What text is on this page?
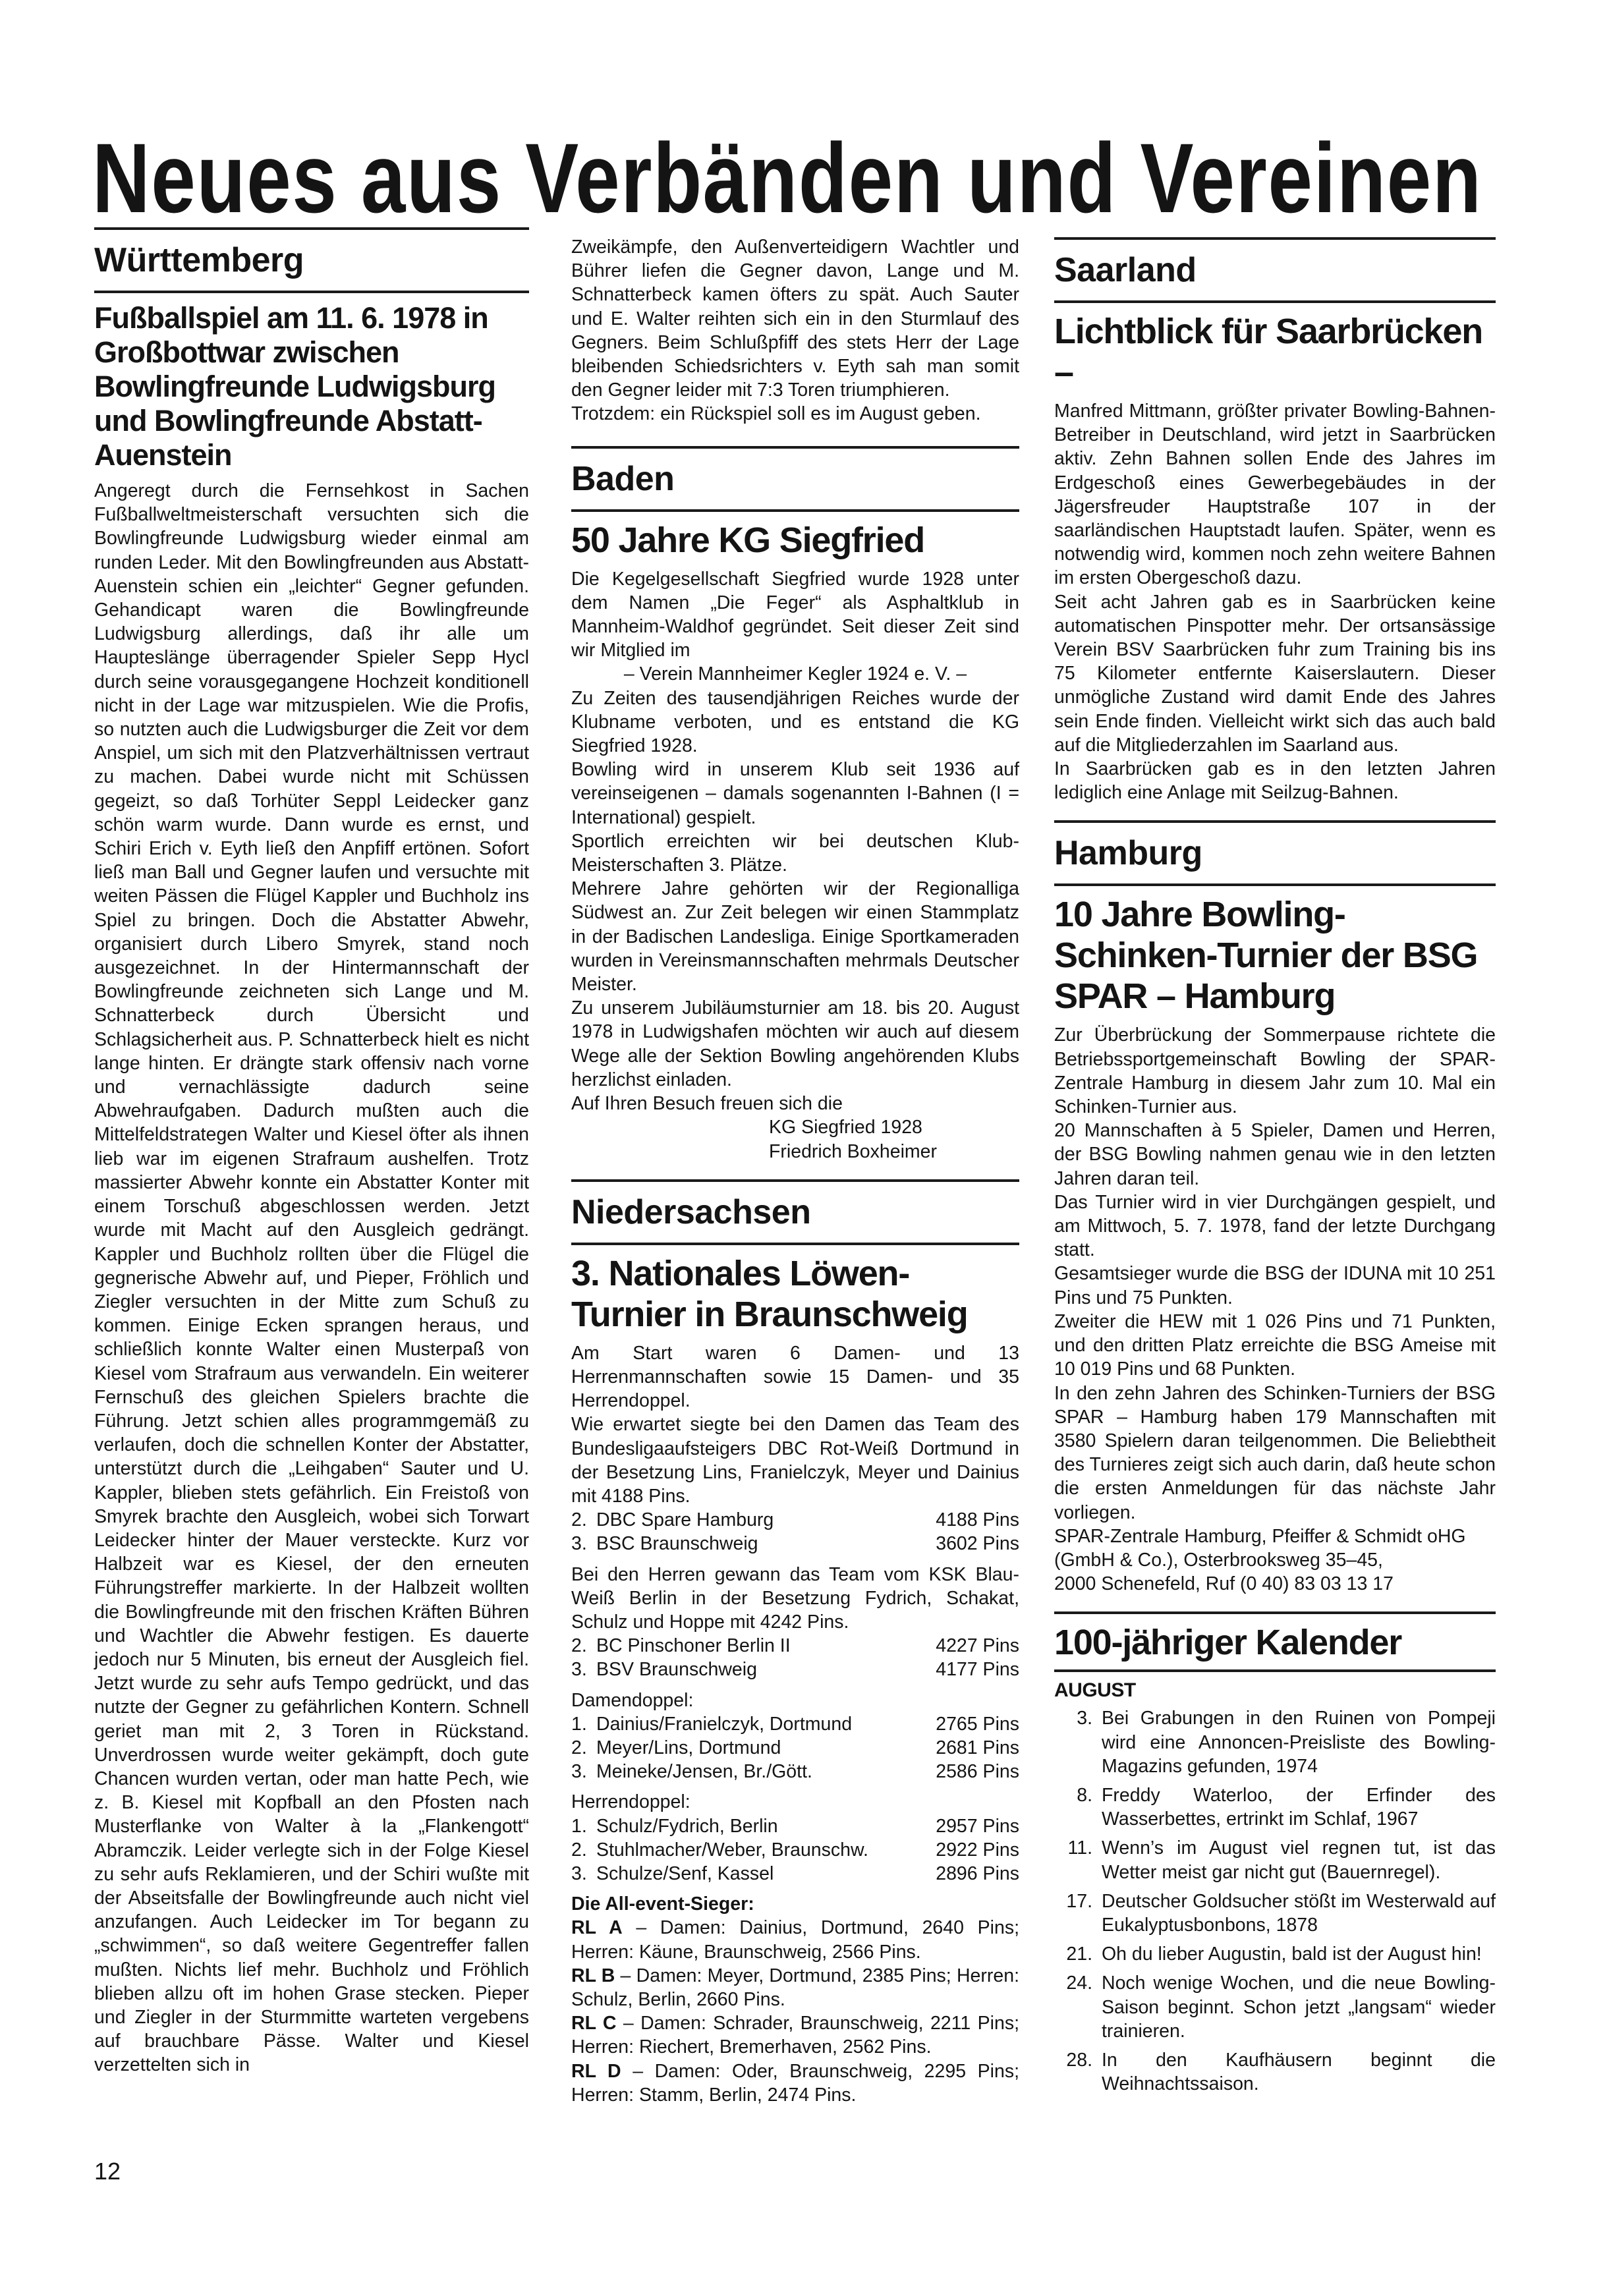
Neues aus Verbänden und Vereinen
Württemberg
Fußballspiel am 11. 6. 1978 in Großbottwar zwischen Bowlingfreunde Ludwigsburg und Bowlingfreunde Abstatt-Auenstein

Angeregt durch die Fernsehkost in Sachen Fußballweltmeisterschaft versuchten sich die Bowlingfreunde Ludwigsburg wieder einmal am runden Leder. Mit den Bowlingfreunden aus Abstatt-Auenstein schien ein „leichter“ Gegner gefunden. Gehandicapt waren die Bowlingfreunde Ludwigsburg allerdings, daß ihr alle um Haupteslänge überragender Spieler Sepp Hycl durch seine vorausgegangene Hochzeit konditionell nicht in der Lage war mitzuspielen. Wie die Profis, so nutzten auch die Ludwigsburger die Zeit vor dem Anspiel, um sich mit den Platzverhältnissen vertraut zu machen. Dabei wurde nicht mit Schüssen gegeizt, so daß Torhüter Seppl Leidecker ganz schön warm wurde. Dann wurde es ernst, und Schiri Erich v. Eyth ließ den Anpfiff ertönen. Sofort ließ man Ball und Gegner laufen und versuchte mit weiten Pässen die Flügel Kappler und Buchholz ins Spiel zu bringen. Doch die Abstatter Abwehr, organisiert durch Libero Smyrek, stand noch ausgezeichnet. In der Hintermannschaft der Bowlingfreunde zeichneten sich Lange und M. Schnatterbeck durch Übersicht und Schlagsicherheit aus. P. Schnatterbeck hielt es nicht lange hinten. Er drängte stark offensiv nach vorne und vernachlässigte dadurch seine Abwehraufgaben. Dadurch mußten auch die Mittelfeldstrategen Walter und Kiesel öfter als ihnen lieb war im eigenen Strafraum aushelfen. Trotz massierter Abwehr konnte ein Abstatter Konter mit einem Torschuß abgeschlossen werden. Jetzt wurde mit Macht auf den Ausgleich gedrängt. Kappler und Buchholz rollten über die Flügel die gegnerische Abwehr auf, und Pieper, Fröhlich und Ziegler versuchten in der Mitte zum Schuß zu kommen. Einige Ecken sprangen heraus, und schließlich konnte Walter einen Musterpaß von Kiesel vom Strafraum aus verwandeln. Ein weiterer Fernschuß des gleichen Spielers brachte die Führung. Jetzt schien alles programmgemäß zu verlaufen, doch die schnellen Konter der Abstatter, unterstützt durch die „Leihgaben“ Sauter und U. Kappler, blieben stets gefährlich. Ein Freistoß von Smyrek brachte den Ausgleich, wobei sich Torwart Leidecker hinter der Mauer versteckte. Kurz vor Halbzeit war es Kiesel, der den erneuten Führungstreffer markierte. In der Halbzeit wollten die Bowlingfreunde mit den frischen Kräften Bühren und Wachtler die Abwehr festigen. Es dauerte jedoch nur 5 Minuten, bis erneut der Ausgleich fiel. Jetzt wurde zu sehr aufs Tempo gedrückt, und das nutzte der Gegner zu gefährlichen Kontern. Schnell geriet man mit 2, 3 Toren in Rückstand. Unverdrossen wurde weiter gekämpft, doch gute Chancen wurden vertan, oder man hatte Pech, wie z. B. Kiesel mit Kopfball an den Pfosten nach Musterflanke von Walter à la „Flankengott“ Abramczik. Leider verlegte sich in der Folge Kiesel zu sehr aufs Reklamieren, und der Schiri wußte mit der Abseitsfalle der Bowlingfreunde auch nicht viel anzufangen. Auch Leidecker im Tor begann zu „schwimmen“, so daß weitere Gegentreffer fallen mußten. Nichts lief mehr. Buchholz und Fröhlich blieben allzu oft im hohen Grase stecken. Pieper und Ziegler in der Sturmmitte warteten vergebens auf brauchbare Pässe. Walter und Kiesel verzettelten sich in

Zweikämpfe, den Außenverteidigern Wachtler und Bührer liefen die Gegner davon, Lange und M. Schnatterbeck kamen öfters zu spät. Auch Sauter und E. Walter reihten sich ein in den Sturmlauf des Gegners. Beim Schlußpfiff des stets Herr der Lage bleibenden Schiedsrichters v. Eyth sah man somit den Gegner leider mit 7:3 Toren triumphieren.

Trotzdem: ein Rückspiel soll es im August geben.

Baden
50 Jahre KG Siegfried

Die Kegelgesellschaft Siegfried wurde 1928 unter dem Namen „Die Feger“ als Asphaltklub in Mannheim-Waldhof gegründet. Seit dieser Zeit sind wir Mitglied im

– Verein Mannheimer Kegler 1924 e. V. –

Zu Zeiten des tausendjährigen Reiches wurde der Klubname verboten, und es entstand die KG Siegfried 1928.

Bowling wird in unserem Klub seit 1936 auf vereinseigenen – damals sogenannten I-Bahnen (I = International) gespielt.

Sportlich erreichten wir bei deutschen Klub-Meisterschaften 3. Plätze.

Mehrere Jahre gehörten wir der Regionalliga Südwest an. Zur Zeit belegen wir einen Stammplatz in der Badischen Landesliga. Einige Sportkameraden wurden in Vereinsmannschaften mehrmals Deutscher Meister.

Zu unserem Jubiläumsturnier am 18. bis 20. August 1978 in Ludwigshafen möchten wir auch auf diesem Wege alle der Sektion Bowling angehörenden Klubs herzlichst einladen.

Auf Ihren Besuch freuen sich die

KG Siegfried 1928
Friedrich Boxheimer
Niedersachsen
3. Nationales Löwen-Turnier in Braunschweig

Am Start waren 6 Damen- und 13 Herrenmannschaften sowie 15 Damen- und 35 Herrendoppel.

Wie erwartet siegte bei den Damen das Team des Bundesligaaufsteigers DBC Rot-Weiß Dortmund in der Besetzung Lins, Franielczyk, Meyer und Dainius mit 4188 Pins.

2. DBC Spare Hamburg	4188 Pins
3. BSC Braunschweig	3602 Pins

Bei den Herren gewann das Team vom KSK Blau-Weiß Berlin in der Besetzung Fydrich, Schakat, Schulz und Hoppe mit 4242 Pins.

2. BC Pinschoner Berlin II	4227 Pins
3. BSV Braunschweig	4177 Pins

Damendoppel:

1. Dainius/Franielczyk, Dortmund	2765 Pins
2. Meyer/Lins, Dortmund	2681 Pins
3. Meineke/Jensen, Br./Gött.	2586 Pins

Herrendoppel:

1. Schulz/Fydrich, Berlin	2957 Pins
2. Stuhlmacher/Weber, Braunschw.	2922 Pins
3. Schulze/Senf, Kassel	2896 Pins

Die All-event-Sieger:

RL A – Damen: Dainius, Dortmund, 2640 Pins; Herren: Käune, Braunschweig, 2566 Pins.

RL B – Damen: Meyer, Dortmund, 2385 Pins; Herren: Schulz, Berlin, 2660 Pins.

RL C – Damen: Schrader, Braunschweig, 2211 Pins; Herren: Riechert, Bremerhaven, 2562 Pins.

RL D – Damen: Oder, Braunschweig, 2295 Pins; Herren: Stamm, Berlin, 2474 Pins.

Saarland
Lichtblick für Saarbrücken –

Manfred Mittmann, größter privater Bowling-Bahnen-Betreiber in Deutschland, wird jetzt in Saarbrücken aktiv. Zehn Bahnen sollen Ende des Jahres im Erdgeschoß eines Gewerbegebäudes in der Jägersfreuder Hauptstraße 107 in der saarländischen Hauptstadt laufen. Später, wenn es notwendig wird, kommen noch zehn weitere Bahnen im ersten Obergeschoß dazu.

Seit acht Jahren gab es in Saarbrücken keine automatischen Pinspotter mehr. Der ortsansässige Verein BSV Saarbrücken fuhr zum Training bis ins 75 Kilometer entfernte Kaiserslautern. Dieser unmögliche Zustand wird damit Ende des Jahres sein Ende finden. Vielleicht wirkt sich das auch bald auf die Mitgliederzahlen im Saarland aus.

In Saarbrücken gab es in den letzten Jahren lediglich eine Anlage mit Seilzug-Bahnen.

Hamburg
10 Jahre Bowling-Schinken-Turnier der BSG SPAR – Hamburg

Zur Überbrückung der Sommerpause richtete die Betriebssportgemeinschaft Bowling der SPAR-Zentrale Hamburg in diesem Jahr zum 10. Mal ein Schinken-Turnier aus.

20 Mannschaften à 5 Spieler, Damen und Herren, der BSG Bowling nahmen genau wie in den letzten Jahren daran teil.

Das Turnier wird in vier Durchgängen gespielt, und am Mittwoch, 5. 7. 1978, fand der letzte Durchgang statt.

Gesamtsieger wurde die BSG der IDUNA mit 10 251 Pins und 75 Punkten.

Zweiter die HEW mit 1 026 Pins und 71 Punkten, und den dritten Platz erreichte die BSG Ameise mit 10 019 Pins und 68 Punkten.

In den zehn Jahren des Schinken-Turniers der BSG SPAR – Hamburg haben 179 Mannschaften mit 3580 Spielern daran teilgenommen. Die Beliebtheit des Turnieres zeigt sich auch darin, daß heute schon die ersten Anmeldungen für das nächste Jahr vorliegen.

SPAR-Zentrale Hamburg, Pfeiffer & Schmidt oHG

(GmbH & Co.), Osterbrooksweg 35–45,

2000 Schenefeld, Ruf (0 40) 83 03 13 17

100-jähriger Kalender
AUGUST
3. Bei Grabungen in den Ruinen von Pompeji wird eine Annoncen-Preisliste des Bowling-Magazins gefunden, 1974
8. Freddy Waterloo, der Erfinder des Wasserbettes, ertrinkt im Schlaf, 1967
11. Wenn’s im August viel regnen tut, ist das Wetter meist gar nicht gut (Bauernregel).
17. Deutscher Goldsucher stößt im Westerwald auf Eukalyptusbonbons, 1878
21. Oh du lieber Augustin, bald ist der August hin!
24. Noch wenige Wochen, und die neue Bowling-Saison beginnt. Schon jetzt „langsam“ wieder trainieren.
28. In den Kaufhäusern beginnt die Weihnachtssaison.
12
